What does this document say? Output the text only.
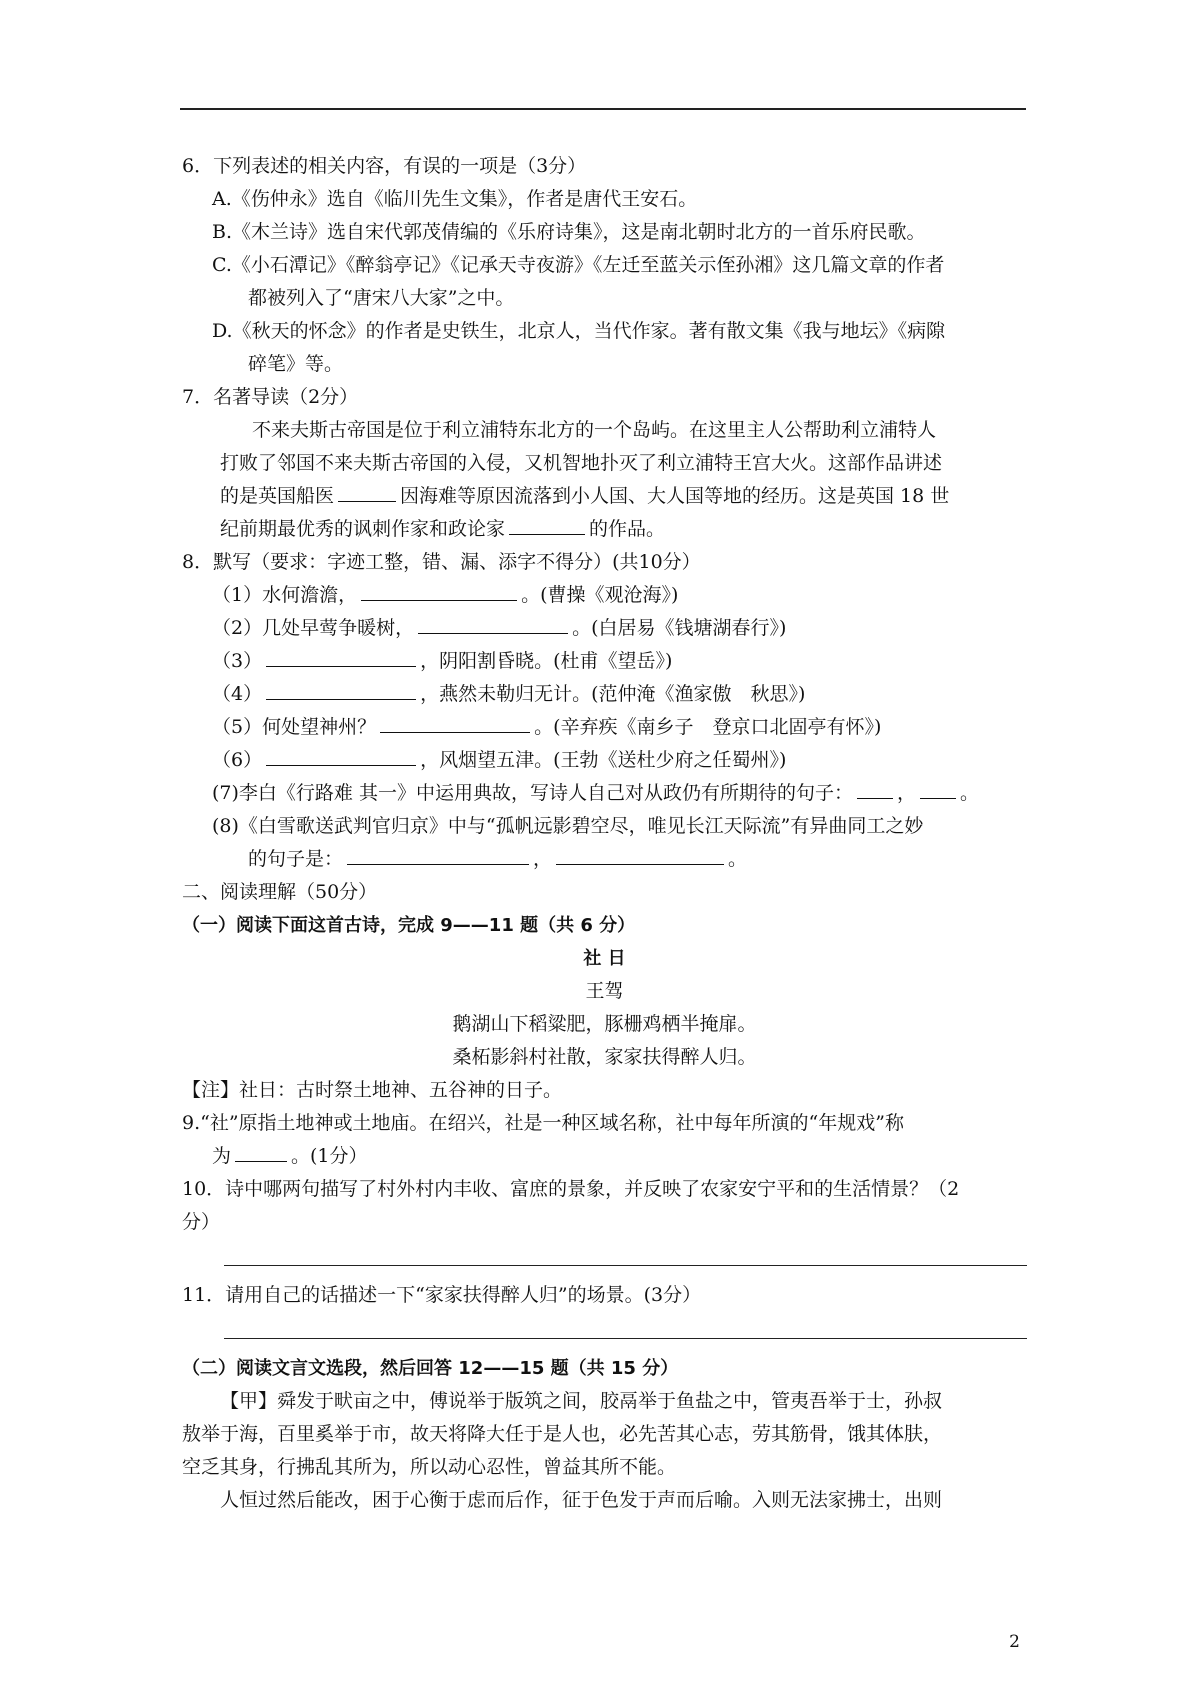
6．下列表述的相关内容，有误的一项是（3分）
A.《伤仲永》选自《临川先生文集》，作者是唐代王安石。
B.《木兰诗》选自宋代郭茂倩编的《乐府诗集》，这是南北朝时北方的一首乐府民歌。
C.《小石潭记》《醉翁亭记》《记承天寺夜游》《左迁至蓝关示侄孙湘》这几篇文章的作者
都被列入了“唐宋八大家”之中。
D.《秋天的怀念》的作者是史铁生，北京人，当代作家。著有散文集《我与地坛》《病隙
碎笔》等。
7．名著导读（2分）
不来夫斯古帝国是位于利立浦特东北方的一个岛屿。在这里主人公帮助利立浦特人
打败了邻国不来夫斯古帝国的入侵，又机智地扑灭了利立浦特王宫大火。这部作品讲述
的是英国船医	因海难等原因流落到小人国、大人国等地的经历。这是英国 18 世
纪前期最优秀的讽刺作家和政论家	的作品。
8．默写（要求：字迹工整，错、漏、添字不得分）(共10分）
（1）水何澹澹，	。(曹操《观沧海》)
（2）几处早莺争暖树，	。(白居易《钱塘湖春行》)
（3）	，阴阳割昏晓。(杜甫《望岳》)
（4）	，燕然未勒归无计。(范仲淹《渔家傲　秋思》)
（5）何处望神州？	。(辛弃疾《南乡子　登京口北固亭有怀》)
（6）	，风烟望五津。(王勃《送杜少府之任蜀州》)
(7)李白《行路难 其一》中运用典故，写诗人自己对从政仍有所期待的句子： ， 。
(8)《白雪歌送武判官归京》中与“孤帆远影碧空尽，唯见长江天际流”有异曲同工之妙
的句子是：	，	。
二、阅读理解（50分）
（一）阅读下面这首古诗，完成 9——11 题（共 6 分）
社 日
王驾
鹅湖山下稻粱肥，豚栅鸡栖半掩扉。
桑柘影斜村社散，家家扶得醉人归。
【注】社日：古时祭土地神、五谷神的日子。
9.“社”原指土地神或土地庙。在绍兴，社是一种区域名称，社中每年所演的“年规戏”称
为	。(1分）
10．诗中哪两句描写了村外村内丰收、富庶的景象，并反映了农家安宁平和的生活情景？（2
分）
11．请用自己的话描述一下“家家扶得醉人归”的场景。(3分）
（二）阅读文言文选段，然后回答 12——15 题（共 15 分）
【甲】舜发于畎亩之中，傅说举于版筑之间，胶鬲举于鱼盐之中，管夷吾举于士，孙叔
敖举于海，百里奚举于市，故天将降大任于是人也，必先苦其心志，劳其筋骨，饿其体肤，
空乏其身，行拂乱其所为，所以动心忍性，曾益其所不能。
人恒过然后能改，困于心衡于虑而后作，征于色发于声而后喻。入则无法家拂士，出则
2
